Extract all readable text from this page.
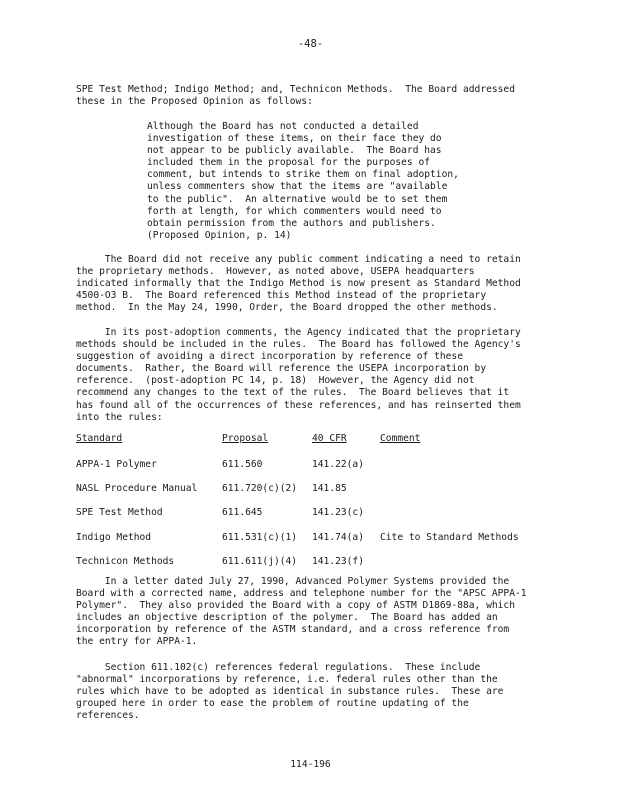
-48-

SPE Test Method; Indigo Method; and, Technicon Methods.  The Board addressed
these in the Proposed Opinion as follows:

Although the Board has not conducted a detailed
investigation of these items, on their face they do
not appear to be publicly available.  The Board has
included them in the proposal for the purposes of
comment, but intends to strike them on final adoption,
unless commenters show that the items are "available
to the public".  An alternative would be to set them
forth at length, for which commenters would need to
obtain permission from the authors and publishers.
(Proposed Opinion, p. 14)

The Board did not receive any public comment indicating a need to retain
the proprietary methods.  However, as noted above, USEPA headquarters
indicated informally that the Indigo Method is now present as Standard Method
4500-O3 B.  The Board referenced this Method instead of the proprietary
method.  In the May 24, 1990, Order, the Board dropped the other methods.

In its post-adoption comments, the Agency indicated that the proprietary
methods should be included in the rules.  The Board has followed the Agency's
suggestion of avoiding a direct incorporation by reference of these
documents.  Rather, the Board will reference the USEPA incorporation by
reference.  (post-adoption PC 14, p. 18)  However, the Agency did not
recommend any changes to the text of the rules.  The Board believes that it
has found all of the occurrences of these references, and has reinserted them
into the rules:

Standard	Proposal	40 CFR	Comment
APPA-1 Polymer	611.560	141.22(a)
NASL Procedure Manual	611.720(c)(2) 141.85
SPE Test Method	611.645	141.23(c)
Indigo Method	611.531(c)(1) 141.74(a) Cite to Standard Methods
Technicon Methods	611.611(j)(4) 141.23(f)

In a letter dated July 27, 1990, Advanced Polymer Systems provided the
Board with a corrected name, address and telephone number for the "APSC APPA-1
Polymer".  They also provided the Board with a copy of ASTM D1869-88a, which
includes an objective description of the polymer.  The Board has added an
incorporation by reference of the ASTM standard, and a cross reference from
the entry for APPA-1.

Section 611.102(c) references federal regulations.  These include
"abnormal" incorporations by reference, i.e. federal rules other than the
rules which have to be adopted as identical in substance rules.  These are
grouped here in order to ease the problem of routine updating of the
references.

114-196
